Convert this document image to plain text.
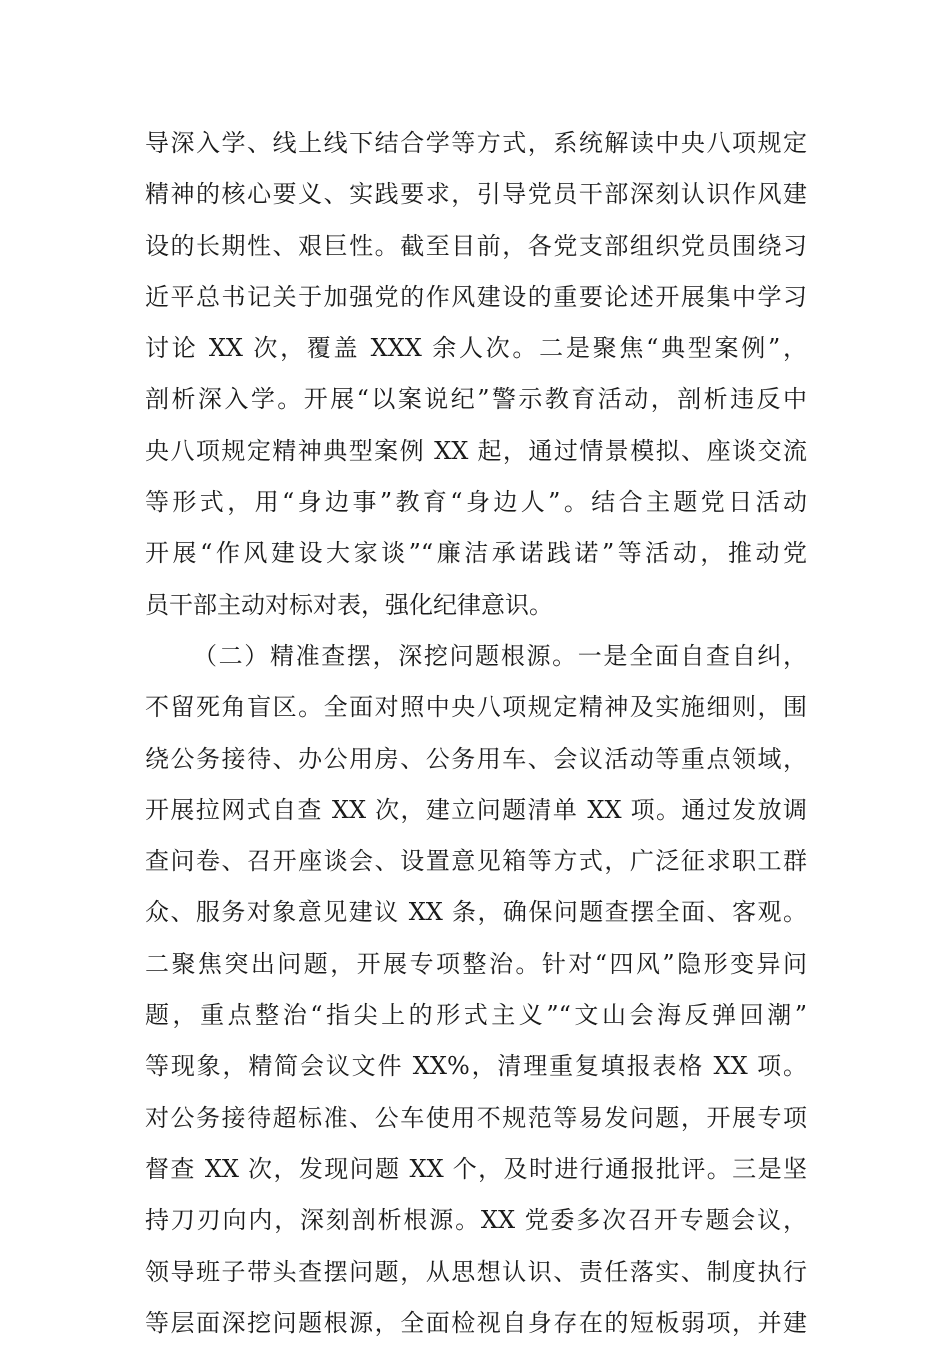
导深入学、线上线下结合学等方式，系统解读中央八项规定
精神的核心要义、实践要求，引导党员干部深刻认识作风建
设的长期性、艰巨性。截至目前，各党支部组织党员围绕习
近平总书记关于加强党的作风建设的重要论述开展集中学习
讨论 XX 次，覆盖 XXX 余人次。二是聚焦“典型案例”，
剖析深入学。开展“以案说纪”警示教育活动，剖析违反中
央八项规定精神典型案例 XX 起，通过情景模拟、座谈交流
等形式，用“身边事”教育“身边人”。结合主题党日活动
开展“作风建设大家谈”“廉洁承诺践诺”等活动，推动党
员干部主动对标对表，强化纪律意识。
（二）精准查摆，深挖问题根源。一是全面自查自纠，
不留死角盲区。全面对照中央八项规定精神及实施细则，围
绕公务接待、办公用房、公务用车、会议活动等重点领域，
开展拉网式自查 XX 次，建立问题清单 XX 项。通过发放调
查问卷、召开座谈会、设置意见箱等方式，广泛征求职工群
众、服务对象意见建议 XX 条，确保问题查摆全面、客观。
二聚焦突出问题，开展专项整治。针对“四风”隐形变异问
题，重点整治“指尖上的形式主义”“文山会海反弹回潮”
等现象，精简会议文件 XX%，清理重复填报表格 XX 项。
对公务接待超标准、公车使用不规范等易发问题，开展专项
督查 XX 次，发现问题 XX 个，及时进行通报批评。三是坚
持刀刃向内，深刻剖析根源。XX 党委多次召开专题会议，
领导班子带头查摆问题，从思想认识、责任落实、制度执行
等层面深挖问题根源，全面检视自身存在的短板弱项，并建
